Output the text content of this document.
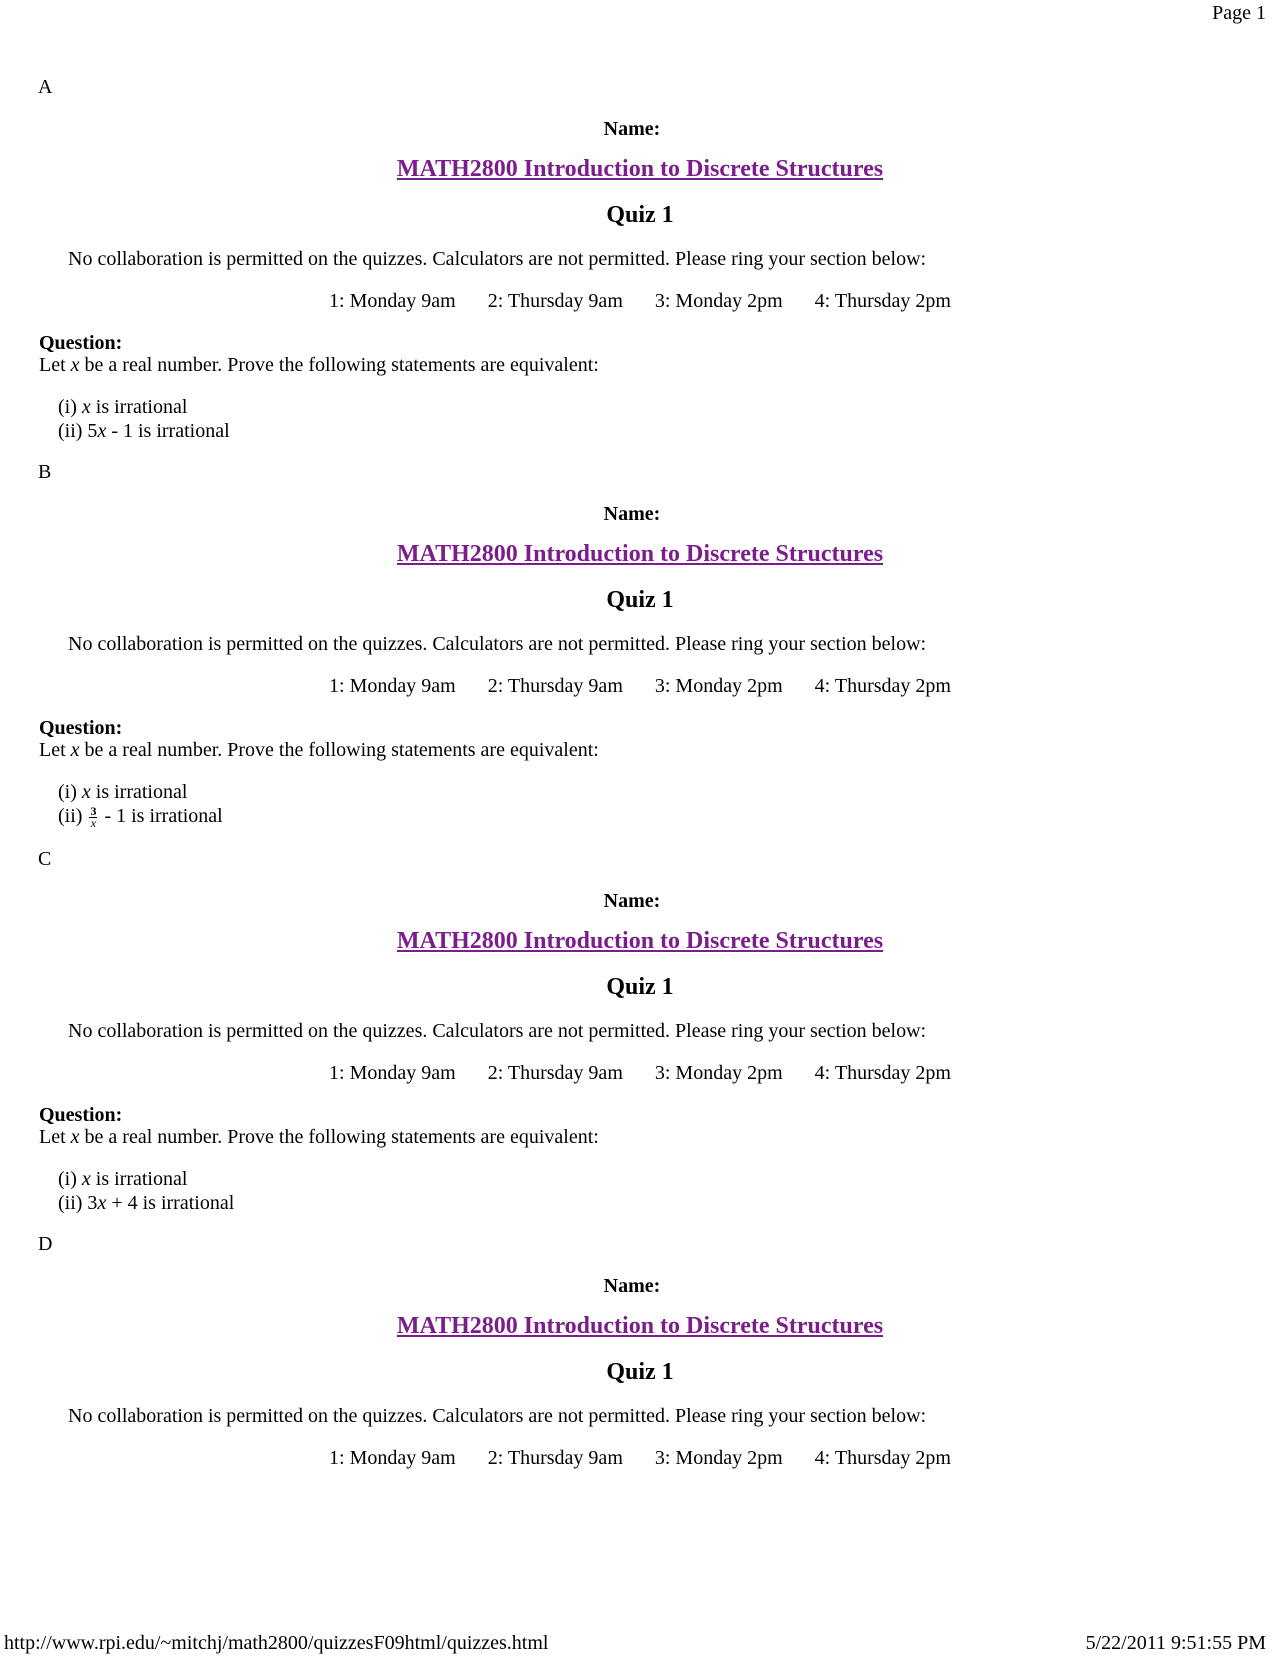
Page 1
A
Name:
MATH2800 Introduction to Discrete Structures
Quiz 1
No collaboration is permitted on the quizzes. Calculators are not permitted. Please ring your section below:
1: Monday 9am 2: Thursday 9am 3: Monday 2pm 4: Thursday 2pm
Question:
Let x be a real number. Prove the following statements are equivalent:
(i) x is irrational
(ii) 5x - 1 is irrational
B
Name:
MATH2800 Introduction to Discrete Structures
Quiz 1
No collaboration is permitted on the quizzes. Calculators are not permitted. Please ring your section below:
1: Monday 9am 2: Thursday 9am 3: Monday 2pm 4: Thursday 2pm
Question:
Let x be a real number. Prove the following statements are equivalent:
(i) x is irrational
$(ii) \frac{3}{x} - 1$ is irrational
C
Name:
MATH2800 Introduction to Discrete Structures
Quiz 1
No collaboration is permitted on the quizzes. Calculators are not permitted. Please ring your section below:
1: Monday 9am 2: Thursday 9am 3: Monday 2pm 4: Thursday 2pm
Question:
Let x be a real number. Prove the following statements are equivalent:
(i) x is irrational
(ii) 3x + 4 is irrational
D
Name:
MATH2800 Introduction to Discrete Structures
Quiz 1
No collaboration is permitted on the quizzes. Calculators are not permitted. Please ring your section below:
1: Monday 9am 2: Thursday 9am 3: Monday 2pm 4: Thursday 2pm
http://www.rpi.edu/~mitchj/math2800/quizzesF09html/quizzes.html	5/22/2011 9:51:55 PM
